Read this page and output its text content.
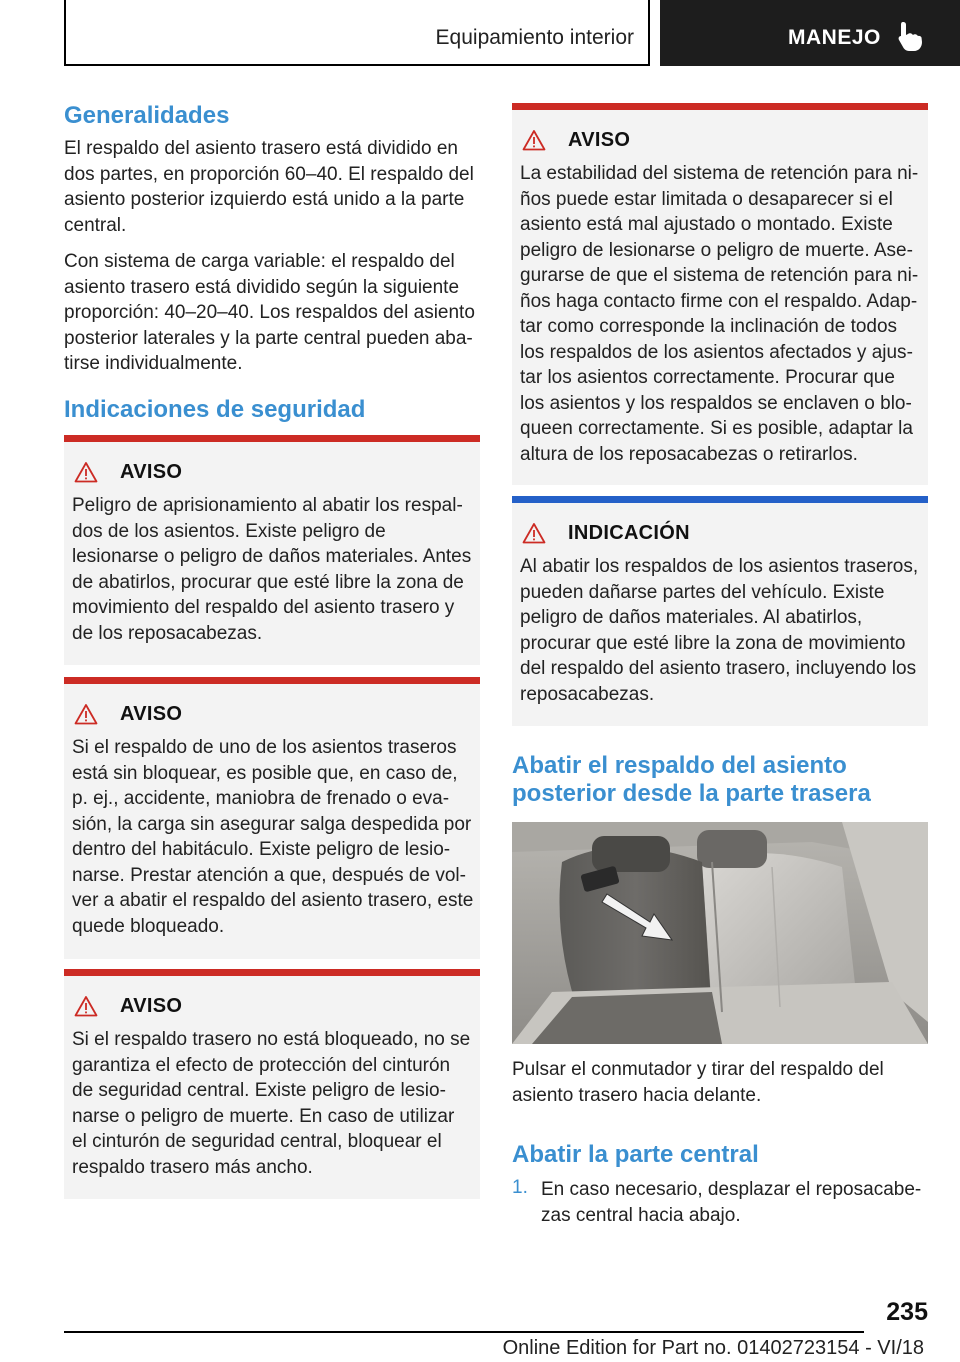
Equipamiento interior	MANEJO
Generalidades

El respaldo del asiento trasero está dividido en dos partes, en proporción 60–40. El respaldo del asiento posterior izquierdo está unido a la parte central.

Con sistema de carga variable: el respaldo del asiento trasero está dividido según la siguiente proporción: 40–20–40. Los respaldos del asiento posterior laterales y la parte central pueden abatirse individualmente.

Indicaciones de seguridad
AVISO
Peligro de aprisionamiento al abatir los respaldos de los asientos. Existe peligro de lesionarse o peligro de daños materiales. Antes de abatirlos, procurar que esté libre la zona de movimiento del respaldo del asiento trasero y de los reposacabezas.
AVISO
Si el respaldo de uno de los asientos traseros está sin bloquear, es posible que, en caso de, p. ej., accidente, maniobra de frenado o evasión, la carga sin asegurar salga despedida por dentro del habitáculo. Existe peligro de lesionarse. Prestar atención a que, después de volver a abatir el respaldo del asiento trasero, este quede bloqueado.
AVISO
Si el respaldo trasero no está bloqueado, no se garantiza el efecto de protección del cinturón de seguridad central. Existe peligro de lesionarse o peligro de muerte. En caso de utilizar el cinturón de seguridad central, bloquear el respaldo trasero más ancho.
AVISO
La estabilidad del sistema de retención para niños puede estar limitada o desaparecer si el asiento está mal ajustado o montado. Existe peligro de lesionarse o peligro de muerte. Asegurarse de que el sistema de retención para niños haga contacto firme con el respaldo. Adaptar como corresponde la inclinación de todos los respaldos de los asientos afectados y ajustar los asientos correctamente. Procurar que los asientos y los respaldos se enclaven o bloqueen correctamente. Si es posible, adaptar la altura de los reposacabezas o retirarlos.
INDICACIÓN
Al abatir los respaldos de los asientos traseros, pueden dañarse partes del vehículo. Existe peligro de daños materiales. Al abatirlos, procurar que esté libre la zona de movimiento del respaldo del asiento trasero, incluyendo los reposacabezas.
Abatir el respaldo del asiento posterior desde la parte trasera

Pulsar el conmutador y tirar del respaldo del asiento trasero hacia delante.

Abatir la parte central
1. En caso necesario, desplazar el reposacabezas central hacia abajo.

235
Online Edition for Part no. 01402723154 - VI/18
